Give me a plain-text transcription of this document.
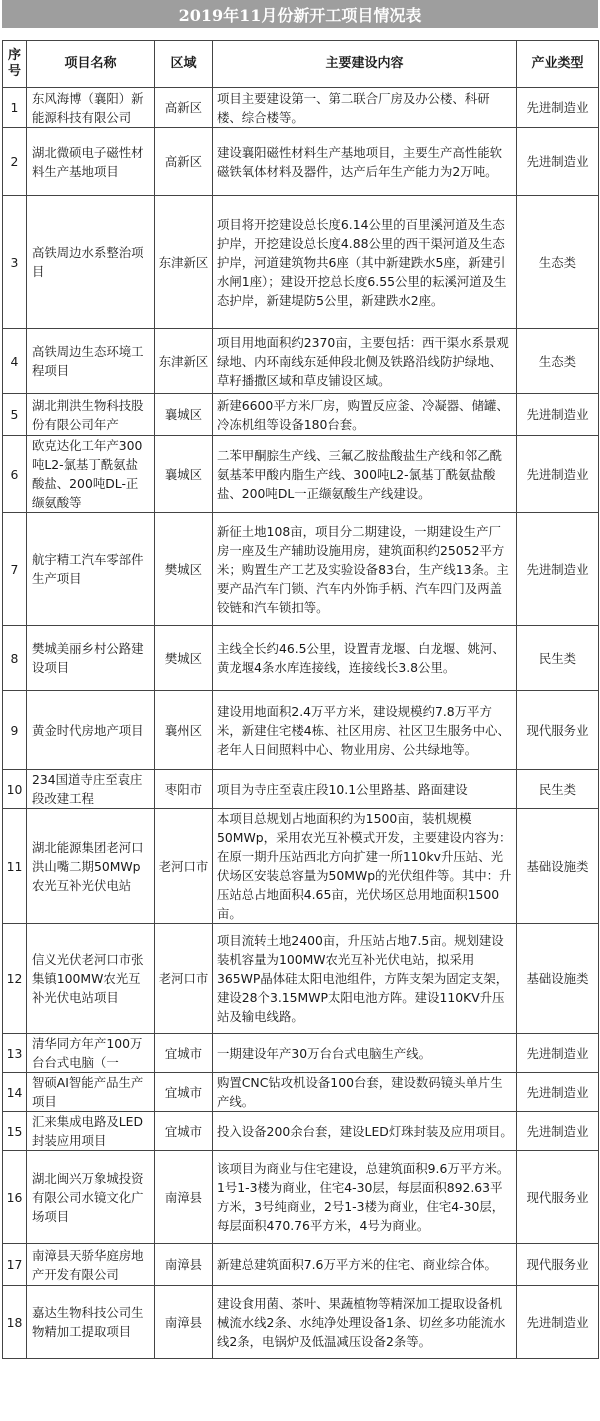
2019年11月份新开工项目情况表
序号	项目名称	区域	主要建设内容	产业类型
1	东风海博（襄阳）新能源科技有限公司	高新区	项目主要建设第一、第二联合厂房及办公楼、科研楼、综合楼等。	先进制造业
2	湖北微硕电子磁性材料生产基地项目	高新区	建设襄阳磁性材料生产基地项目，主要生产高性能软磁铁氧体材料及器件，达产后年生产能力为2万吨。	先进制造业
3	高铁周边水系整治项目	东津新区	项目将开挖建设总长度6.14公里的百里溪河道及生态护岸，开挖建设总长度4.88公里的西干渠河道及生态护岸，河道建筑物共6座（其中新建跌水5座，新建引水闸1座）；建设开挖总长度6.55公里的耘溪河道及生态护岸，新建堤防5公里，新建跌水2座。	生态类
4	高铁周边生态环境工程项目	东津新区	项目用地面积约2370亩，主要包括：西干渠水系景观绿地、内环南线东延伸段北侧及铁路沿线防护绿地、草籽播撒区域和草皮铺设区域。	生态类
5	湖北荆洪生物科技股份有限公司年产	襄城区	新建6600平方米厂房，购置反应釜、冷凝器、储罐、冷冻机组等设备180台套。	先进制造业
6	欧克达化工年产300吨L2-氯基丁酰氨盐酸盐、200吨DL-正缬氨酸等	襄城区	二苯甲酮腙生产线、三氟乙胺盐酸盐生产线和邻乙酰氨基苯甲酸内脂生产线、300吨L2-氯基丁酰氨盐酸盐、200吨DL一正缬氨酸生产线建设。	先进制造业
7	航宇精工汽车零部件生产项目	樊城区	新征土地108亩，项目分二期建设，一期建设生产厂房一座及生产辅助设施用房，建筑面积约25052平方米；购置生产工艺及实验设备83台，生产线13条。主要产品汽车门锁、汽车内外饰手柄、汽车四门及两盖铰链和汽车锁扣等。	先进制造业
8	樊城美丽乡村公路建设项目	樊城区	主线全长约46.5公里，设置青龙堰、白龙堰、姚河、黄龙堰4条水库连接线，连接线长3.8公里。	民生类
9	黄金时代房地产项目	襄州区	建设用地面积2.4万平方米，建设规模约7.8万平方米，新建住宅楼4栋、社区用房、社区卫生服务中心、老年人日间照料中心、物业用房、公共绿地等。	现代服务业
10	234国道寺庄至袁庄段改建工程	枣阳市	项目为寺庄至袁庄段10.1公里路基、路面建设	民生类
11	湖北能源集团老河口洪山嘴二期50MWp农光互补光伏电站	老河口市	本项目总规划占地面积约为1500亩，装机规模50MWp，采用农光互补模式开发，主要建设内容为：在原一期升压站西北方向扩建一所110kv升压站、光伏场区安装总容量为50MWp的光伏组件等。其中：升压站总占地面积4.65亩，光伏场区总用地面积1500亩。	基础设施类
12	信义光伏老河口市张集镇100MW农光互补光伏电站项目	老河口市	项目流转土地2400亩，升压站占地7.5亩。规划建设装机容量为100MW农光互补光伏电站，拟采用365WP晶体硅太阳电池组件，方阵支架为固定支架，建设28个3.15MWP太阳电池方阵。建设110KV升压站及输电线路。	基础设施类
13	清华同方年产100万台台式电脑（一	宜城市	一期建设年产30万台台式电脑生产线。	先进制造业
14	智硕AI智能产品生产项目	宜城市	购置CNC钻攻机设备100台套，建设数码镜头单片生产线。	先进制造业
15	汇来集成电路及LED封装应用项目	宜城市	投入设备200余台套，建设LED灯珠封装及应用项目。	先进制造业
16	湖北闽兴万象城投资有限公司水镜文化广场项目	南漳县	该项目为商业与住宅建设，总建筑面积9.6万平方米。1号1-3楼为商业，住宅4-30层，每层面积892.63平方米，3号纯商业，2号1-3楼为商业，住宅4-30层，每层面积470.76平方米，4号为商业。	现代服务业
17	南漳县天骄华庭房地产开发有限公司	南漳县	新建总建筑面积7.6万平方米的住宅、商业综合体。	现代服务业
18	嘉达生物科技公司生物精加工提取项目	南漳县	建设食用菌、茶叶、果蔬植物等精深加工提取设备机械流水线2条、水纯净处理设备1条、切丝多功能流水线2条，电锅炉及低温减压设备2条等。	先进制造业
